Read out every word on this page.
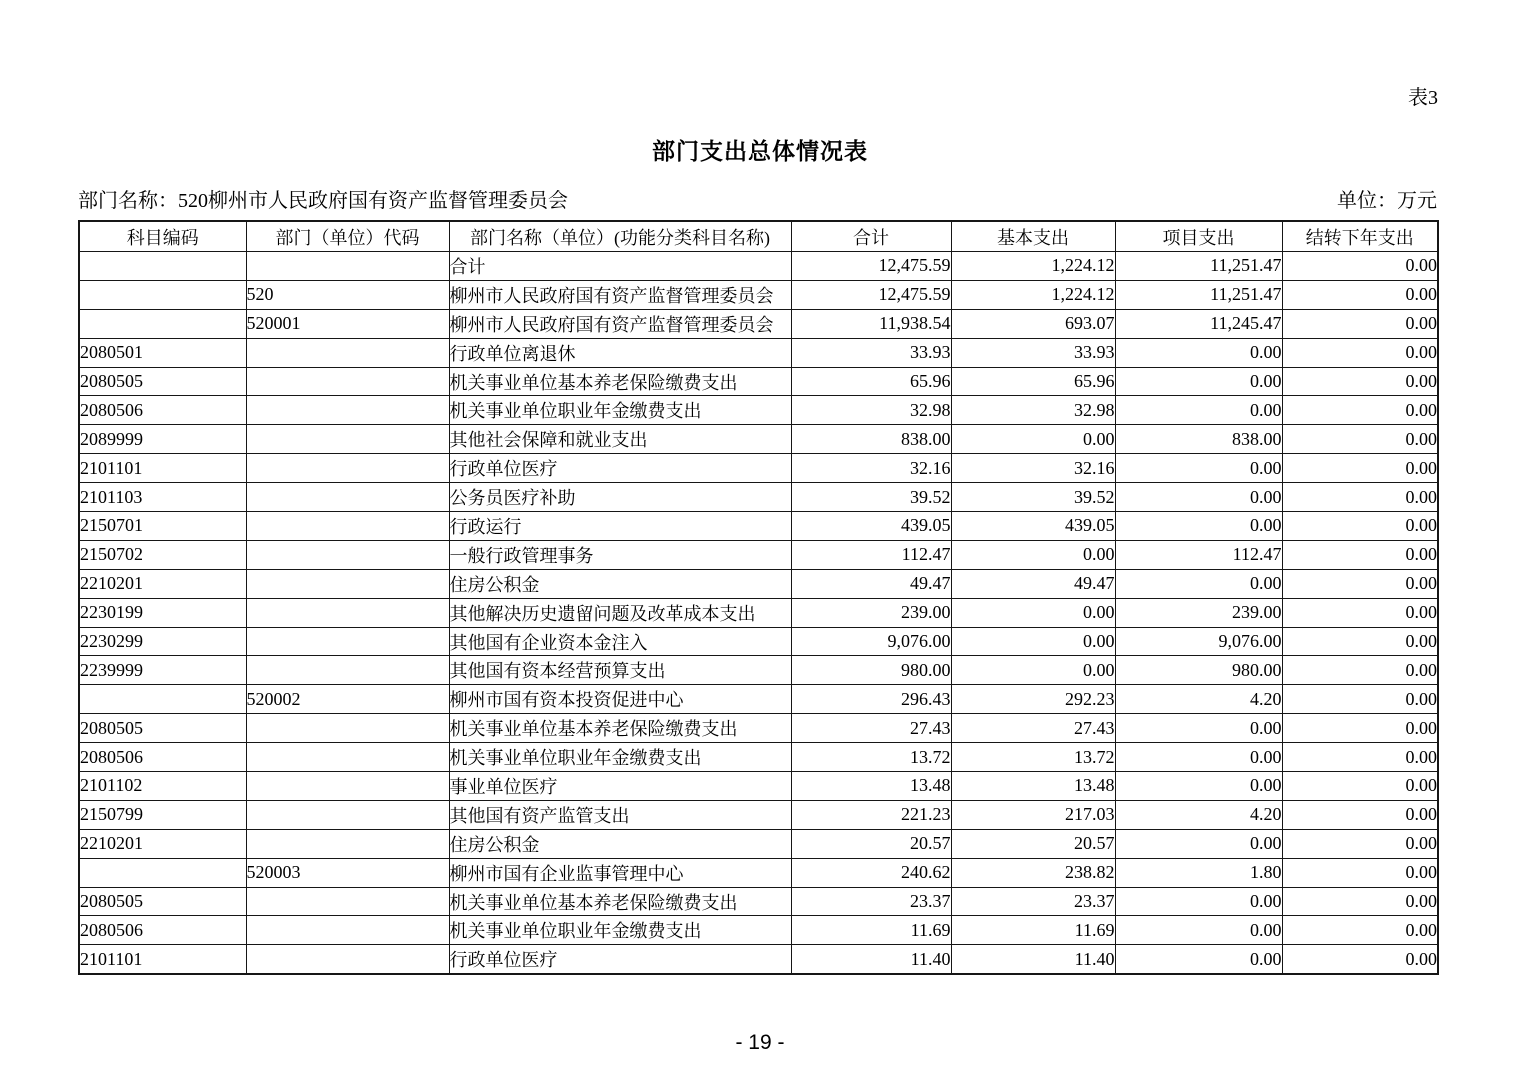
表3
部门支出总体情况表
部门名称：520柳州市人民政府国有资产监督管理委员会	单位：万元
科目编码	部门（单位）代码	部门名称（单位）(功能分类科目名称)	合计	基本支出	项目支出	结转下年支出
		合计	12,475.59	1,224.12	11,251.47	0.00
	520	柳州市人民政府国有资产监督管理委员会	12,475.59	1,224.12	11,251.47	0.00
	520001	柳州市人民政府国有资产监督管理委员会	11,938.54	693.07	11,245.47	0.00
2080501		行政单位离退休	33.93	33.93	0.00	0.00
2080505		机关事业单位基本养老保险缴费支出	65.96	65.96	0.00	0.00
2080506		机关事业单位职业年金缴费支出	32.98	32.98	0.00	0.00
2089999		其他社会保障和就业支出	838.00	0.00	838.00	0.00
2101101		行政单位医疗	32.16	32.16	0.00	0.00
2101103		公务员医疗补助	39.52	39.52	0.00	0.00
2150701		行政运行	439.05	439.05	0.00	0.00
2150702		一般行政管理事务	112.47	0.00	112.47	0.00
2210201		住房公积金	49.47	49.47	0.00	0.00
2230199		其他解决历史遗留问题及改革成本支出	239.00	0.00	239.00	0.00
2230299		其他国有企业资本金注入	9,076.00	0.00	9,076.00	0.00
2239999		其他国有资本经营预算支出	980.00	0.00	980.00	0.00
	520002	柳州市国有资本投资促进中心	296.43	292.23	4.20	0.00
2080505		机关事业单位基本养老保险缴费支出	27.43	27.43	0.00	0.00
2080506		机关事业单位职业年金缴费支出	13.72	13.72	0.00	0.00
2101102		事业单位医疗	13.48	13.48	0.00	0.00
2150799		其他国有资产监管支出	221.23	217.03	4.20	0.00
2210201		住房公积金	20.57	20.57	0.00	0.00
	520003	柳州市国有企业监事管理中心	240.62	238.82	1.80	0.00
2080505		机关事业单位基本养老保险缴费支出	23.37	23.37	0.00	0.00
2080506		机关事业单位职业年金缴费支出	11.69	11.69	0.00	0.00
2101101		行政单位医疗	11.40	11.40	0.00	0.00
- 19 -
